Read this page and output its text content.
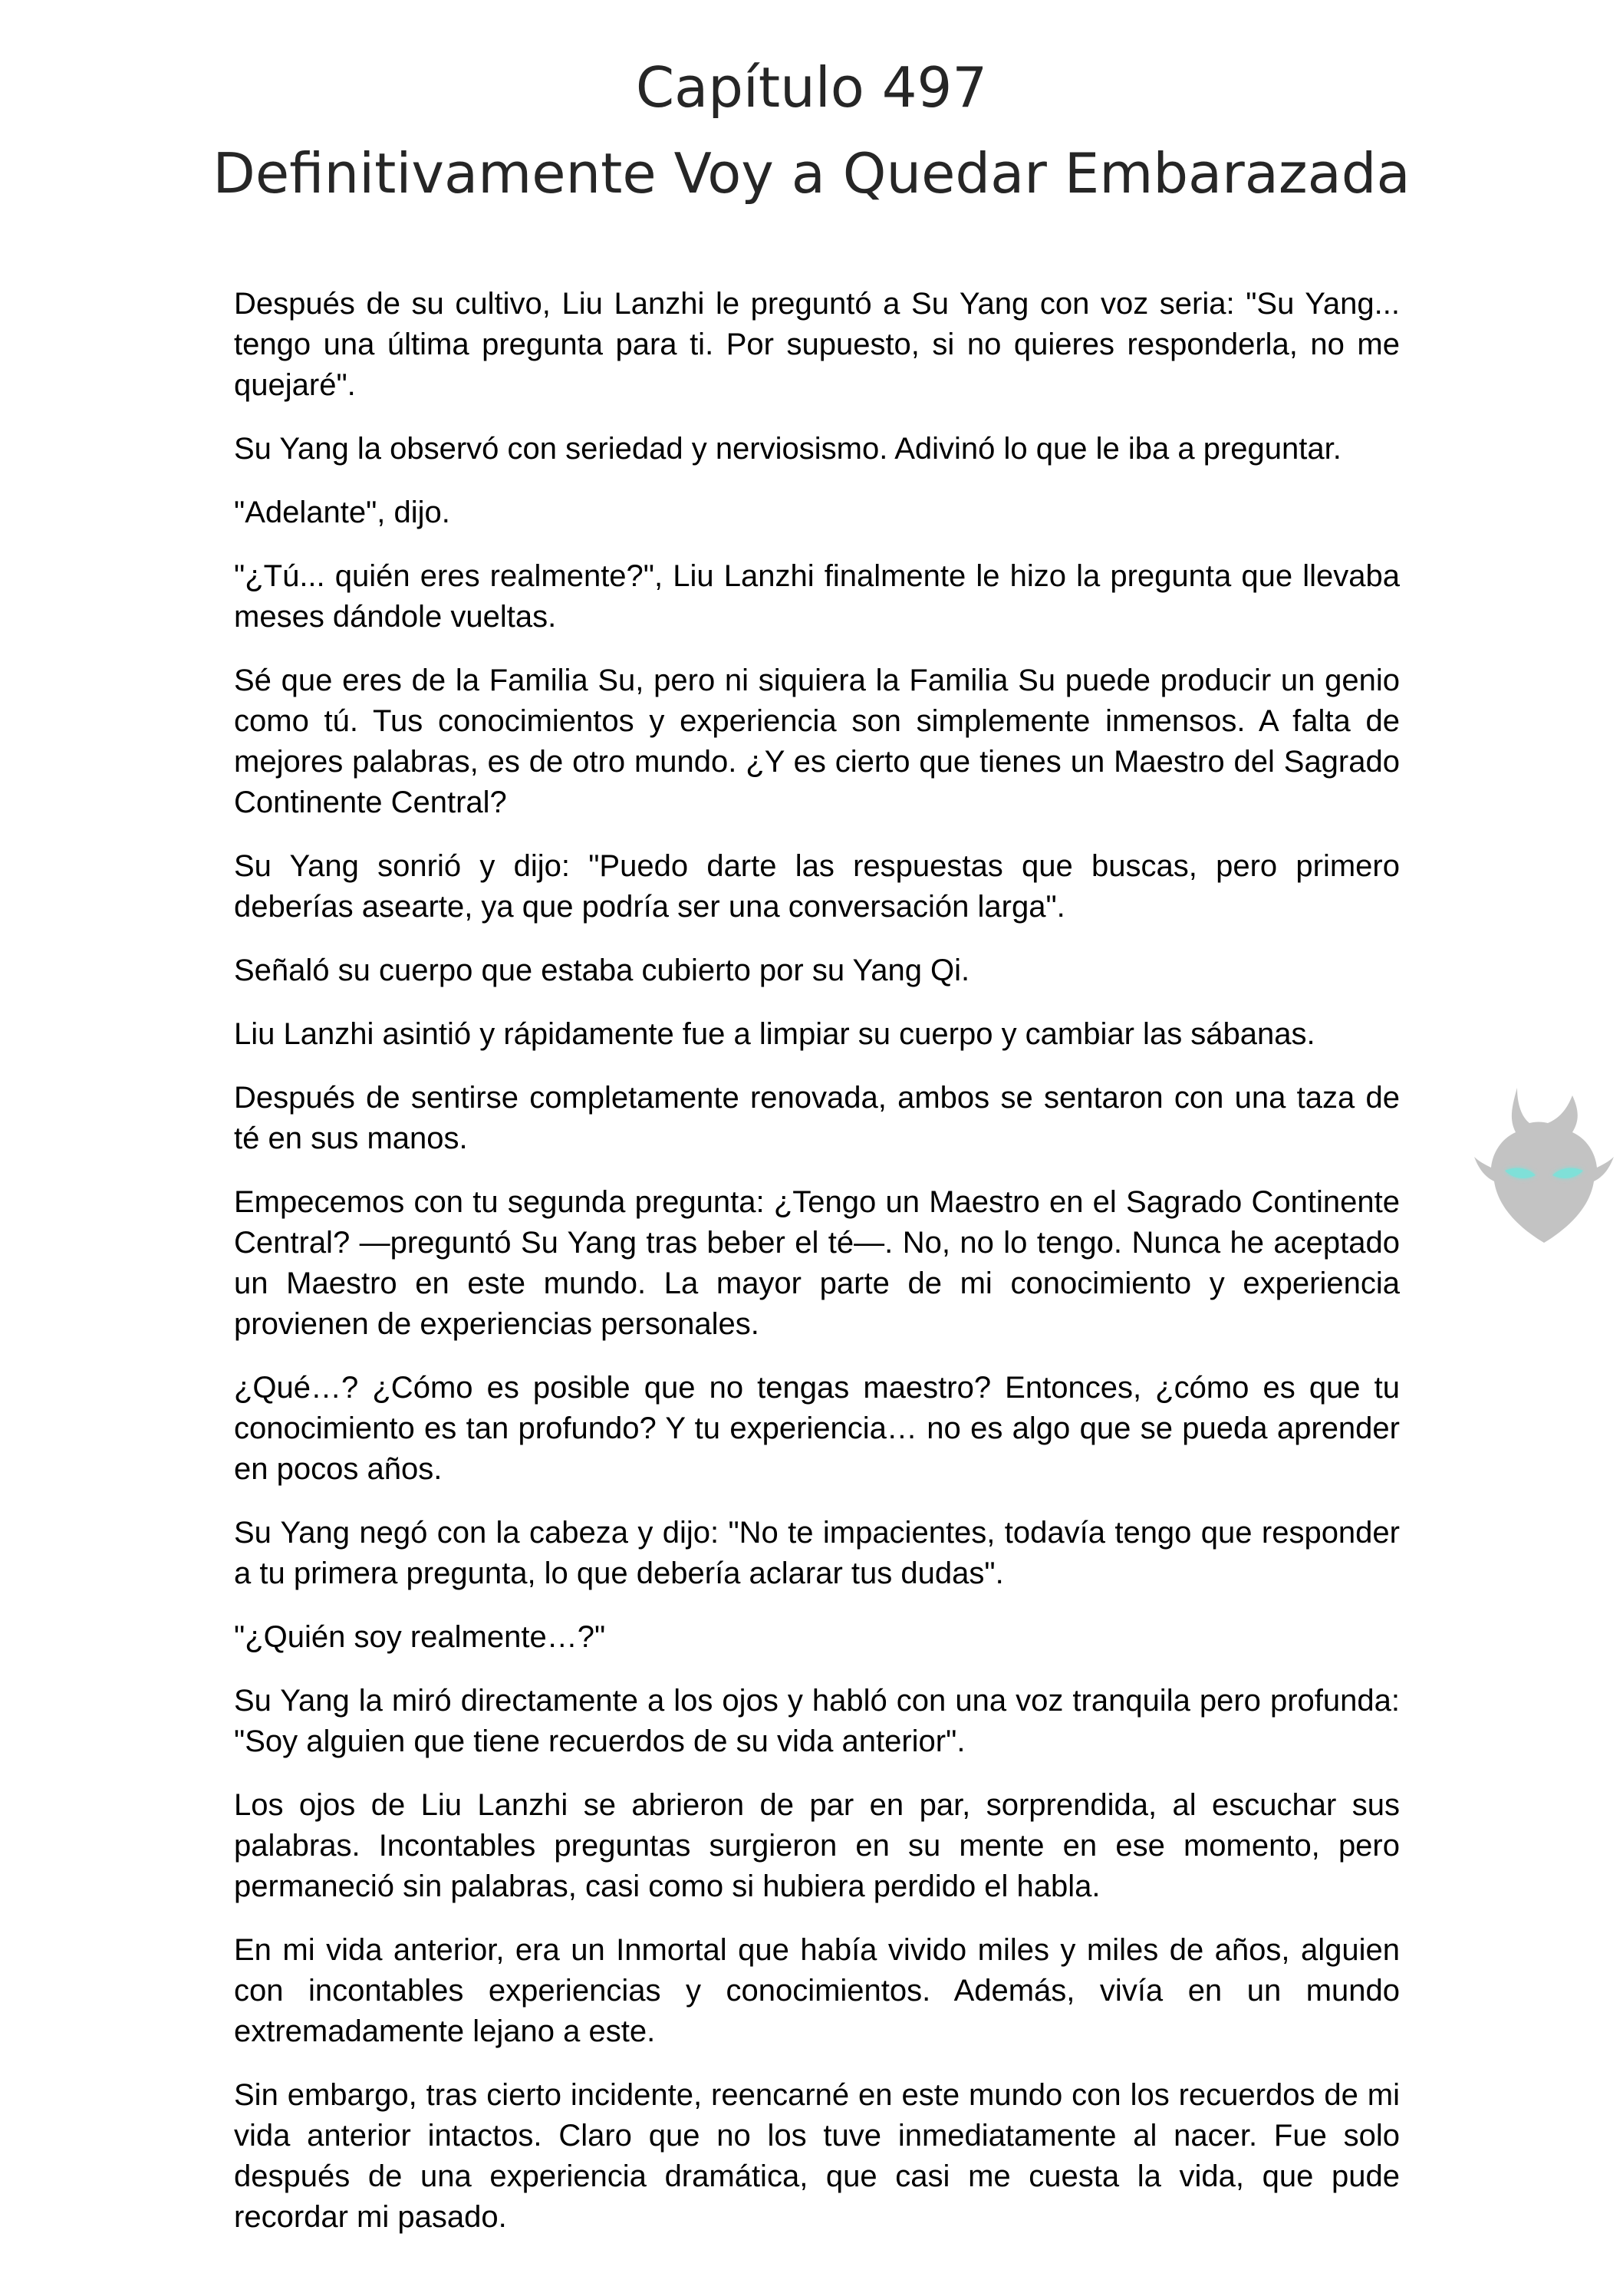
Capítulo 497
Definitivamente Voy a Quedar Embarazada

Después de su cultivo, Liu Lanzhi le preguntó a Su Yang con voz seria: "Su Yang... tengo una última pregunta para ti. Por supuesto, si no quieres responderla, no me quejaré".

Su Yang la observó con seriedad y nerviosismo. Adivinó lo que le iba a preguntar.

"Adelante", dijo.

"¿Tú... quién eres realmente?", Liu Lanzhi finalmente le hizo la pregunta que llevaba meses dándole vueltas.

Sé que eres de la Familia Su, pero ni siquiera la Familia Su puede producir un genio como tú. Tus conocimientos y experiencia son simplemente inmensos. A falta de mejores palabras, es de otro mundo. ¿Y es cierto que tienes un Maestro del Sagrado Continente Central?

Su Yang sonrió y dijo: "Puedo darte las respuestas que buscas, pero primero deberías asearte, ya que podría ser una conversación larga".

Señaló su cuerpo que estaba cubierto por su Yang Qi.

Liu Lanzhi asintió y rápidamente fue a limpiar su cuerpo y cambiar las sábanas.

Después de sentirse completamente renovada, ambos se sentaron con una taza de té en sus manos.

Empecemos con tu segunda pregunta: ¿Tengo un Maestro en el Sagrado Continente Central? —preguntó Su Yang tras beber el té—. No, no lo tengo. Nunca he aceptado un Maestro en este mundo. La mayor parte de mi conocimiento y experiencia provienen de experiencias personales.

¿Qué…? ¿Cómo es posible que no tengas maestro? Entonces, ¿cómo es que tu conocimiento es tan profundo? Y tu experiencia… no es algo que se pueda aprender en pocos años.

Su Yang negó con la cabeza y dijo: "No te impacientes, todavía tengo que responder a tu primera pregunta, lo que debería aclarar tus dudas".

"¿Quién soy realmente…?"

Su Yang la miró directamente a los ojos y habló con una voz tranquila pero profunda: "Soy alguien que tiene recuerdos de su vida anterior".

Los ojos de Liu Lanzhi se abrieron de par en par, sorprendida, al escuchar sus palabras. Incontables preguntas surgieron en su mente en ese momento, pero permaneció sin palabras, casi como si hubiera perdido el habla.

En mi vida anterior, era un Inmortal que había vivido miles y miles de años, alguien con incontables experiencias y conocimientos. Además, vivía en un mundo extremadamente lejano a este.

Sin embargo, tras cierto incidente, reencarné en este mundo con los recuerdos de mi vida anterior intactos. Claro que no los tuve inmediatamente al nacer. Fue solo después de una experiencia dramática, que casi me cuesta la vida, que pude recordar mi pasado.
